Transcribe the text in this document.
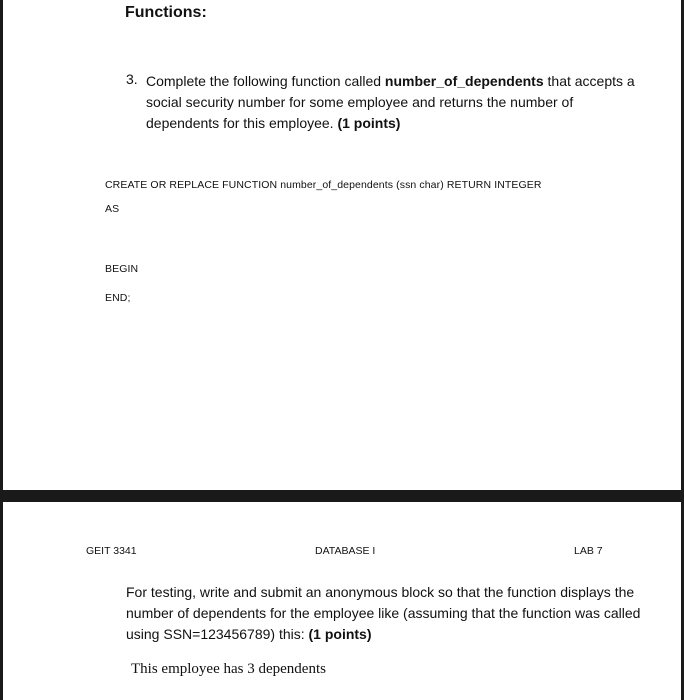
Functions:
3. Complete the following function called number_of_dependents that accepts a social security number for some employee and returns the number of dependents for this employee. (1 points)
CREATE OR REPLACE FUNCTION number_of_dependents (ssn char) RETURN INTEGER
AS
BEGIN
END;
GEIT 3341	DATABASE I	LAB 7
For testing, write and submit an anonymous block so that the function displays the number of dependents for the employee like (assuming that the function was called using SSN=123456789) this: (1 points)
This employee has 3 dependents
